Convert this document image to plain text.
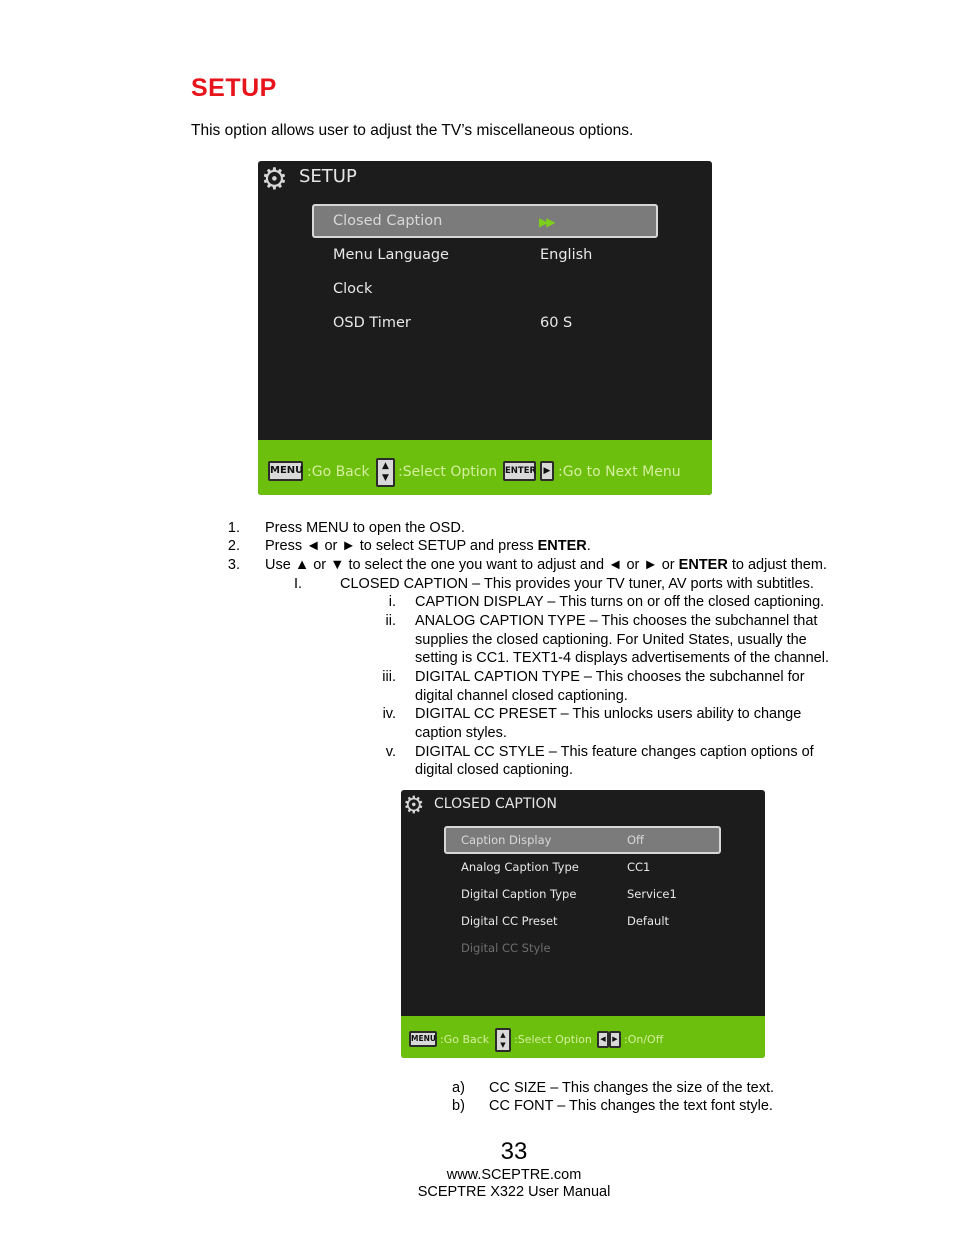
SETUP
This option allows user to adjust the TV’s miscellaneous options.
⚙ SETUP
Closed Caption	▶▶
Menu Language	English
Clock
OSD Timer	60 S
MENU :Go Back	▲
▼ :Select Option ENTER ▶ :Go to Next Menu
1. Press MENU to open the OSD.
2. Press ◄ or ► to select SETUP and press ENTER.
3. Use ▲ or ▼ to select the one you want to adjust and ◄ or ► or ENTER to adjust them.
I.	CLOSED CAPTION – This provides your TV tuner, AV ports with subtitles.
i. CAPTION DISPLAY – This turns on or off the closed captioning.
ii. ANALOG CAPTION TYPE – This chooses the subchannel that
supplies the closed captioning. For United States, usually the
setting is CC1. TEXT1-4 displays advertisements of the channel.
iii. DIGITAL CAPTION TYPE – This chooses the subchannel for
digital channel closed captioning.
iv. DIGITAL CC PRESET – This unlocks users ability to change
caption styles.
v. DIGITAL CC STYLE – This feature changes caption options of
digital closed captioning.
⚙ CLOSED CAPTION
Caption Display	Off
Analog Caption Type	CC1
Digital Caption Type	Service1
Digital CC Preset	Default
Digital CC Style
MENU :Go Back	▲
▼ :Select Option	◀ ▶ :On/Off
a) CC SIZE – This changes the size of the text.
b) CC FONT – This changes the text font style.
33
www.SCEPTRE.com
SCEPTRE X322 User Manual
